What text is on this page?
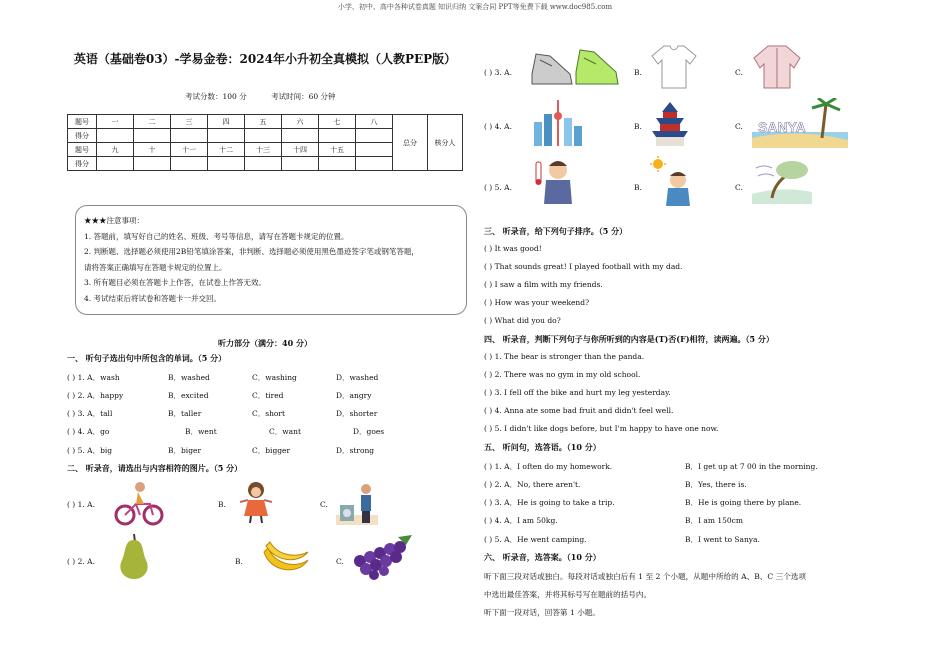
小学、初中、高中各种试卷真题 知识归纳 文案合同 PPT等免费下载 www.doc985.com
英语（基础卷03）-学易金卷：2024年小升初全真模拟（人教PEP版）
考试分数：100 分	考试时间：60 分钟
题号	一	二	三	四	五	六	七	八	总分	核分人
得分										
题号	九	十	十一	十二	十三	十四	十五			
得分										
★★★注意事项：
1. 答题前，填写好自己的姓名、班级、考号等信息，请写在答题卡规定的位置。
2. 判断题、选择题必须使用2B铅笔填涂答案，非判断、选择题必须使用黑色墨迹签字笔或钢笔答题，
请将答案正确填写在答题卡规定的位置上。
3. 所有题目必须在答题卡上作答，在试卷上作答无效。
4. 考试结束后将试卷和答题卡一并交回。
听力部分（满分：40 分）
一、 听句子选出句中所包含的单词。（5 分）
( ) 1. A．wash	B．washed	C．washing	D．washed
( ) 2. A．happy	B．excited	C．tired	D．angry
( ) 3. A．tall	B．taller	C．short	D．shorter
( ) 4. A．go	B．went	C．want	D．goes
( ) 5. A．big	B．biger	C．bigger	D．strong
二、 听录音，请选出与内容相符的图片。（5 分）
( ) 1. A.	B.	C.
( ) 2. A.	B.	C.
( ) 3. A.	B.	C.
( ) 4. A.	B.	C. SANYA
( ) 5. A.	B.	C.
三、 听录音，给下列句子排序。（5 分）
( ) It was good!
( ) That sounds great! I played football with my dad.
( ) I saw a film with my friends.
( ) How was your weekend?
( ) What did you do?
四、 听录音，判断下列句子与你所听到的内容是(T)否(F)相符，读两遍。（5 分）
( ) 1. The bear is stronger than the panda.
( ) 2. There was no gym in my old school.
( ) 3. I fell off the bike and hurt my leg yesterday.
( ) 4. Anna ate some bad fruit and didn't feel well.
( ) 5. I didn't like dogs before, but I'm happy to have one now.
五、 听问句，选答语。（10 分）
( ) 1. A．I often do my homework.	B．I get up at 7 00 in the morning.
( ) 2. A．No, there aren't.	B．Yes, there is.
( ) 3. A．He is going to take a trip.	B．He is going there by plane.
( ) 4. A．I am 50kg.	B．I am 150cm
( ) 5. A．He went camping.	B．I went to Sanya.
六、 听录音，选答案。（10 分）
听下面三段对话或独白。每段对话或独白后有 1 至 2 个小题，从题中所给的 A、B、C 三个选项
中选出最佳答案，并将其标号写在题前的括号内。
听下面一段对话，回答第 1 小题。
